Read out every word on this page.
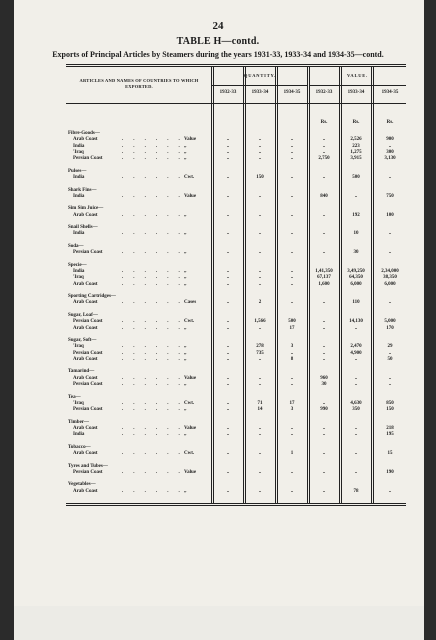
24
TABLE H—contd.
Exports of Principal Articles by Steamers during the years 1931-33, 1933-34 and 1934-35—contd.
ARTICLES AND NAMES OF COUNTRIES TO WHICH EXPORTED.
QUANTITY.	VALUE.
1932-33	1933-34	1934-35	1932-33	1933-34	1934-35
Rs.	Rs.	Rs.
Fibre-Goods—
Arab Coast	. . . . . . Value	..	..	..	..	2,526	900
India	. . . . . . „	..	..	..	..	223	..
'Iraq	. . . . . . „	..	..	..	..	1,275	300
Persian Coast	. . . . . . „	..	..	..	2,750	3,915	3,130
Pulses—
India	. . . . . . Cwt.	..	150	..	..	500	..
Shark Fins—
India	. . . . . . Value	..	..	..	840	..	750
Sim Sim Juice—
Arab Coast	. . . . . . „	..	..	..	..	192	100
Snail Shells—
India	. . . . . . „	..	..	..	..	10	..
Soda—
Persian Coast	. . . . . . „	..	..	..	..	30	..
Specie—
India	. . . . . . „	..	..	..	1,41,350	3,49,250	2,34,000
'Iraq	. . . . . . „	..	..	..	67,137	64,350	38,350
Arab Coast	. . . . . . „	..	..	..	1,600	6,000	6,000
Sporting Cartridges—
Arab Coast	. . . . . . Cases	..	2	..	..	110	..
Sugar, Loaf—
Persian Coast	. . . . . . Cwt.	..	1,566	500	..	14,130	5,000
Arab Coast	. . . . . . „	..	..	17	..	..	170
Sugar, Soft—
'Iraq	. . . . . . „	..	278	3	..	2,470	29
Persian Coast	. . . . . . „	..	735	..	..	4,900	..
Arab Coast	. . . . . . „	..	..	8	..	..	50
Tamarind—
Arab Coast	. . . . . . Value	..	..	..	960	..	..
Persian Coast	. . . . . . „	..	..	..	30	..	..
Tea—
'Iraq	. . . . . . Cwt.	..	71	17	..	4,630	850
Persian Coast	. . . . . . „	..	14	3	990	350	150
Timber—
Arab Coast	. . . . . . Value	..	..	..	..	..	218
India	. . . . . . „	..	..	..	..	..	195
Tobacco—
Arab Coast	. . . . . . Cwt.	..	..	1	..	..	15
Tyres and Tubes—
Persian Coast	. . . . . . Value	..	..	..	..	..	190
Vegetables—
Arab Coast	. . . . . . „	..	..	..	..	78	..
